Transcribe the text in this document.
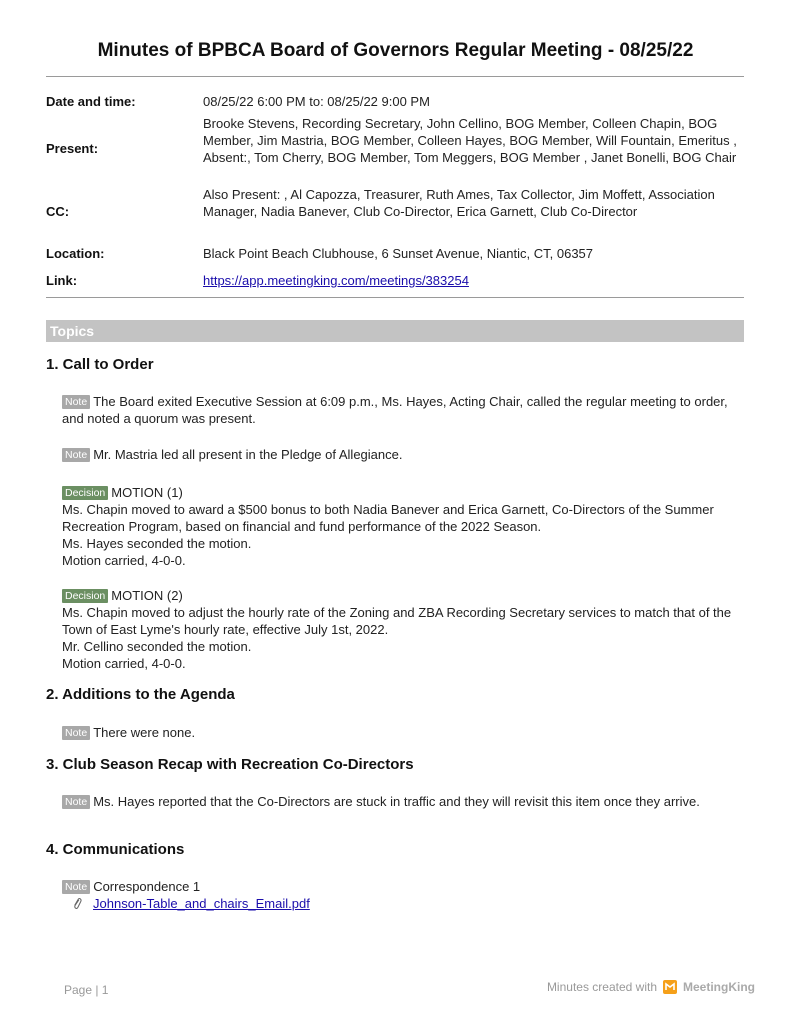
Minutes of BPBCA Board of Governors Regular Meeting - 08/25/22
Date and time:	08/25/22 6:00 PM to: 08/25/22 9:00 PM
Present:
Brooke Stevens, Recording Secretary, John Cellino, BOG Member, Colleen Chapin, BOG Member, Jim Mastria, BOG Member, Colleen Hayes, BOG Member, Will Fountain, Emeritus , Absent:, Tom Cherry, BOG Member, Tom Meggers, BOG Member , Janet Bonelli, BOG Chair
CC:
Also Present: , Al Capozza, Treasurer, Ruth Ames, Tax Collector, Jim Moffett, Association Manager, Nadia Banever, Club Co-Director, Erica Garnett, Club Co-Director
Location:	Black Point Beach Clubhouse, 6 Sunset Avenue, Niantic, CT, 06357
Link:	https://app.meetingking.com/meetings/383254
Topics
1. Call to Order
Note The Board exited Executive Session at 6:09 p.m., Ms. Hayes, Acting Chair, called the regular meeting to order, and noted a quorum was present.
Note Mr. Mastria led all present in the Pledge of Allegiance.
Decision MOTION (1)
Ms. Chapin moved to award a $500 bonus to both Nadia Banever and Erica Garnett, Co-Directors of the Summer Recreation Program, based on financial and fund performance of the 2022 Season.
Ms. Hayes seconded the motion.
Motion carried, 4-0-0.
Decision MOTION (2)
Ms. Chapin moved to adjust the hourly rate of the Zoning and ZBA Recording Secretary services to match that of the Town of East Lyme's hourly rate, effective July 1st, 2022.
Mr. Cellino seconded the motion.
Motion carried, 4-0-0.
2. Additions to the Agenda
Note There were none.
3. Club Season Recap with Recreation Co-Directors
Note Ms. Hayes reported that the Co-Directors are stuck in traffic and they will revisit this item once they arrive.
4. Communications
Note Correspondence 1
Johnson-Table_and_chairs_Email.pdf
Page | 1	Minutes created with MeetingKing
